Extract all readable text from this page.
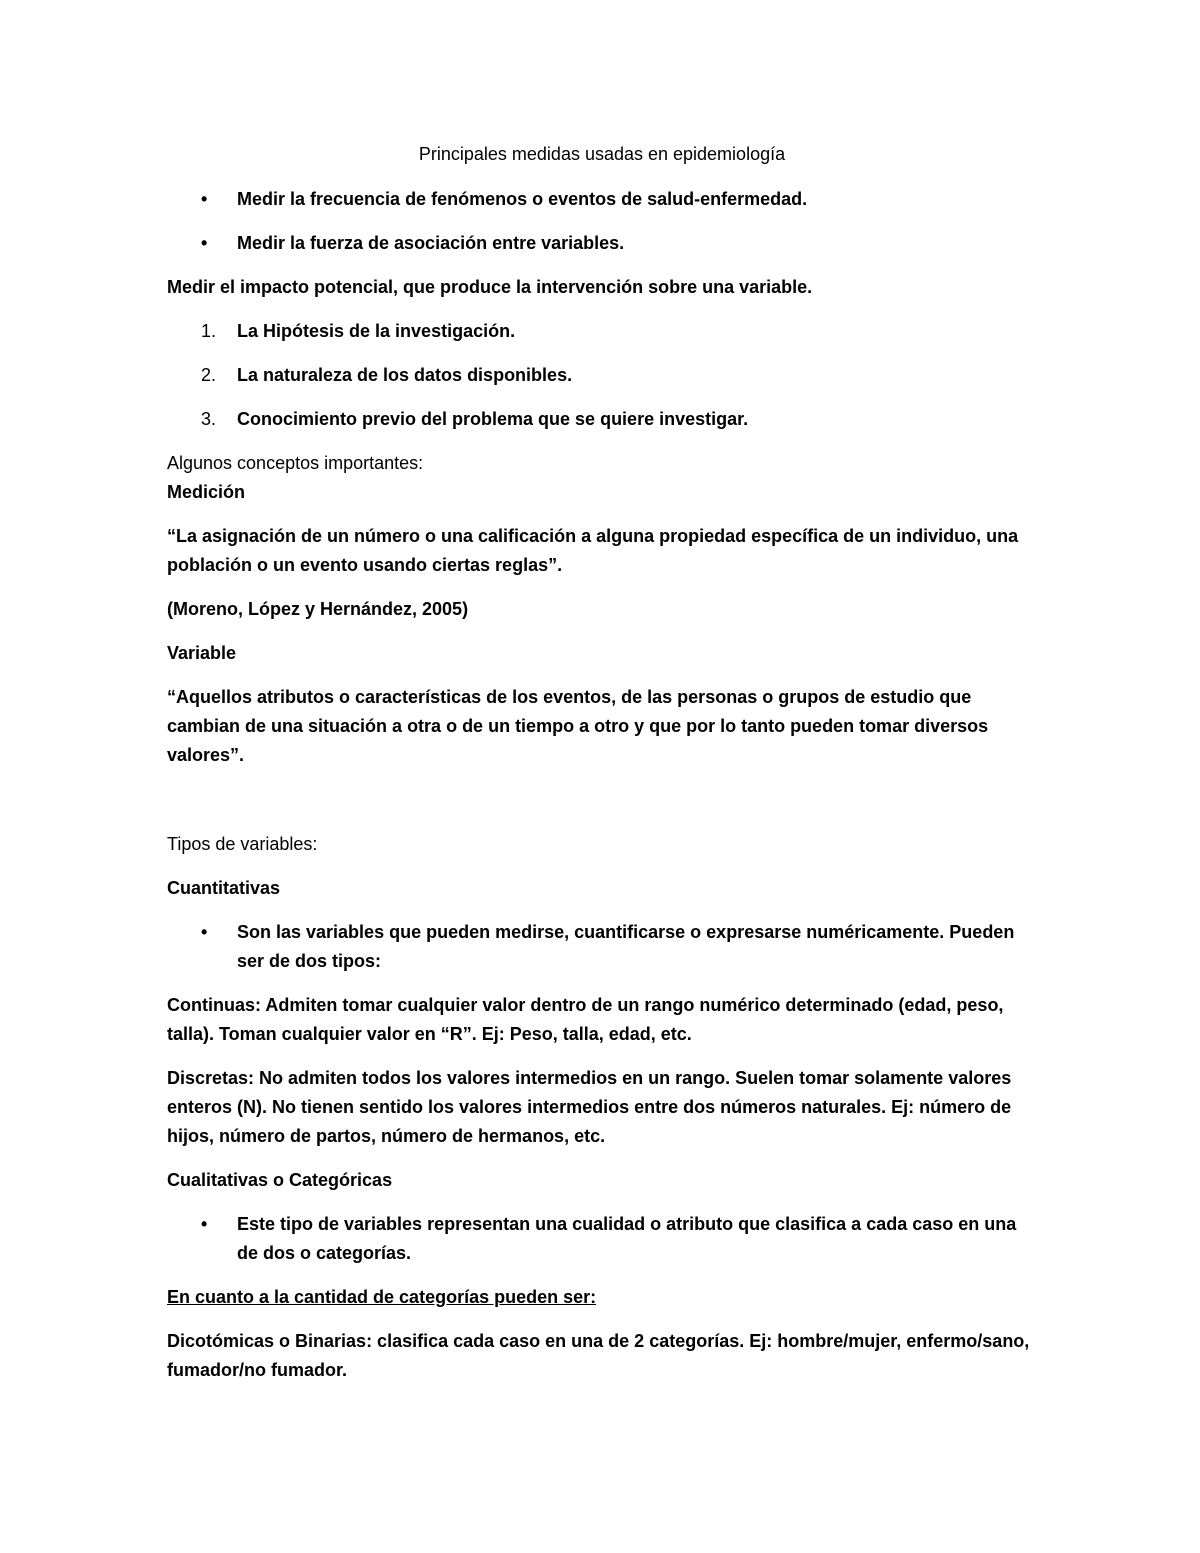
Principales medidas usadas en epidemiología
•	Medir la frecuencia de fenómenos o eventos de salud-enfermedad.
•	Medir la fuerza de asociación entre variables.

Medir el impacto potencial, que produce la intervención sobre una variable.

1.	La Hipótesis de la investigación.
2.	La naturaleza de los datos disponibles.
3.	Conocimiento previo del problema que se quiere investigar.

Algunos conceptos importantes:

Medición

“La asignación de un número o una calificación a alguna propiedad específica de un individuo, una población o un evento usando ciertas reglas”.

(Moreno, López y Hernández, 2005)

Variable

“Aquellos atributos o características de los eventos, de las personas o grupos de estudio que cambian de una situación a otra o de un tiempo a otro y que por lo tanto pueden tomar diversos valores”.

Tipos de variables:

Cuantitativas

•	Son las variables que pueden medirse, cuantificarse o expresarse numéricamente. Pueden ser de dos tipos:

Continuas: Admiten tomar cualquier valor dentro de un rango numérico determinado (edad, peso, talla). Toman cualquier valor en “R”. Ej: Peso, talla, edad, etc.

Discretas: No admiten todos los valores intermedios en un rango. Suelen tomar solamente valores enteros (N). No tienen sentido los valores intermedios entre dos números naturales. Ej: número de hijos, número de partos, número de hermanos, etc.

Cualitativas o Categóricas

•	Este tipo de variables representan una cualidad o atributo que clasifica a cada caso en una de dos o categorías.

En cuanto a la cantidad de categorías pueden ser:

Dicotómicas o Binarias: clasifica cada caso en una de 2 categorías. Ej: hombre/mujer, enfermo/sano, fumador/no fumador.
